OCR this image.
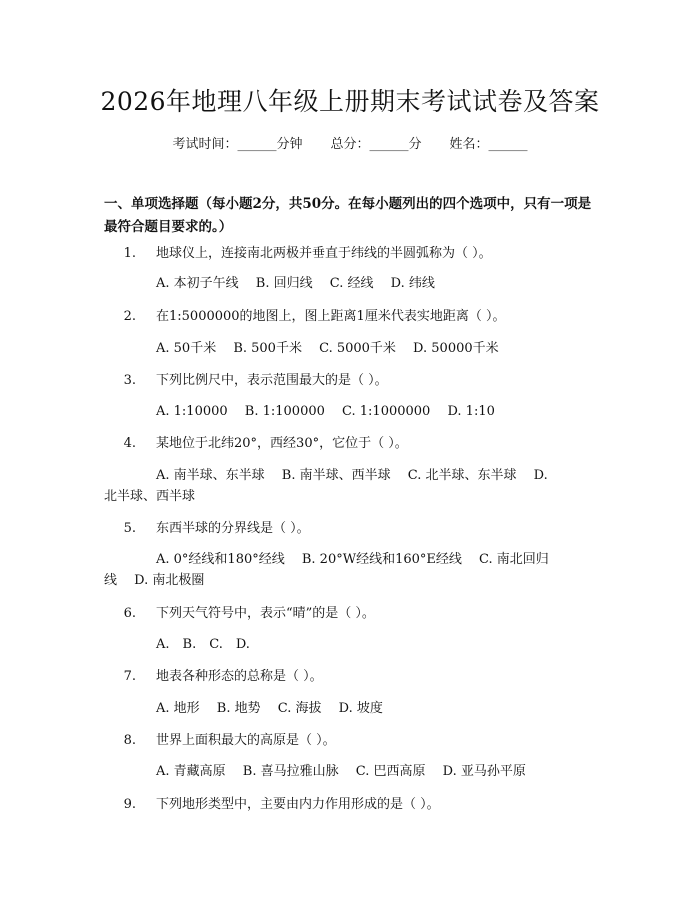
2026年地理八年级上册期末考试试卷及答案
考试时间：______分钟 总分：______分 姓名：______
一、单项选择题（每小题2分，共50分。在每小题列出的四个选项中，只有一项是最符合题目要求的。）
1. 地球仪上，连接南北两极并垂直于纬线的半圆弧称为（ ）。
A. 本初子午线　 B. 回归线　 C. 经线　 D. 纬线
2. 在1:5000000的地图上，图上距离1厘米代表实地距离（ ）。
A. 50千米　 B. 500千米　 C. 5000千米　 D. 50000千米
3. 下列比例尺中，表示范围最大的是（ ）。
A. 1:10000　 B. 1:100000　 C. 1:1000000　 D. 1:10
4. 某地位于北纬20°，西经30°，它位于（ ）。
A. 南半球、东半球　 B. 南半球、西半球　 C. 北半球、东半球　 D.
北半球、西半球
5. 东西半球的分界线是（ ）。
A. 0°经线和180°经线　 B. 20°W经线和160°E经线　 C. 南北回归
线　 D. 南北极圈
6. 下列天气符号中，表示“晴”的是（ ）。
A.　B.　C.　D.
7. 地表各种形态的总称是（ ）。
A. 地形　 B. 地势　 C. 海拔　 D. 坡度
8. 世界上面积最大的高原是（ ）。
A. 青藏高原　 B. 喜马拉雅山脉　 C. 巴西高原　 D. 亚马孙平原
9. 下列地形类型中，主要由内力作用形成的是（ ）。
